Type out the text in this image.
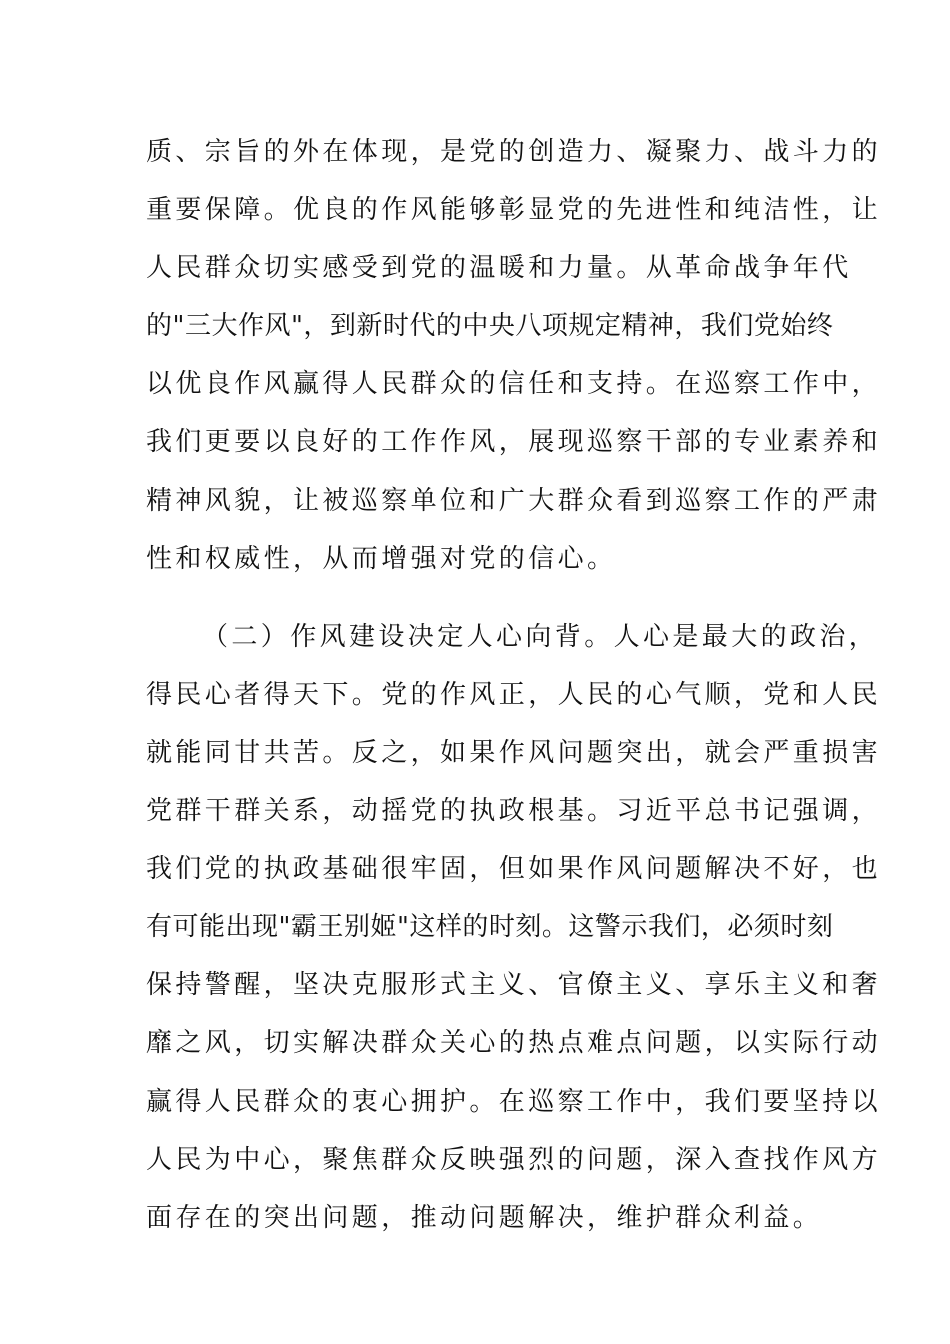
质、宗旨的外在体现，是党的创造力、凝聚力、战斗力的
重要保障。优良的作风能够彰显党的先进性和纯洁性，让
人民群众切实感受到党的温暖和力量。从革命战争年代
的"三大作风"，到新时代的中央八项规定精神，我们党始终
以优良作风赢得人民群众的信任和支持。在巡察工作中，
我们更要以良好的工作作风，展现巡察干部的专业素养和
精神风貌，让被巡察单位和广大群众看到巡察工作的严肃
性和权威性，从而增强对党的信心。
（二）作风建设决定人心向背。人心是最大的政治，
得民心者得天下。党的作风正，人民的心气顺，党和人民
就能同甘共苦。反之，如果作风问题突出，就会严重损害
党群干群关系，动摇党的执政根基。习近平总书记强调，
我们党的执政基础很牢固，但如果作风问题解决不好，也
有可能出现"霸王别姬"这样的时刻。这警示我们，必须时刻
保持警醒，坚决克服形式主义、官僚主义、享乐主义和奢
靡之风，切实解决群众关心的热点难点问题，以实际行动
赢得人民群众的衷心拥护。在巡察工作中，我们要坚持以
人民为中心，聚焦群众反映强烈的问题，深入查找作风方
面存在的突出问题，推动问题解决，维护群众利益。
